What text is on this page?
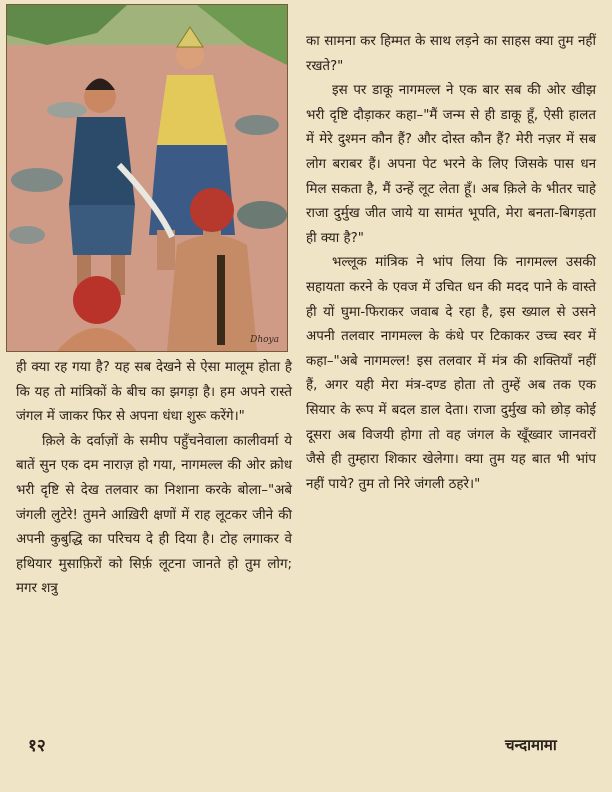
Dhoya

का सामना कर हिम्मत के साथ लड़ने का साहस क्या तुम नहीं रखते?"

इस पर डाकू नागमल्ल ने एक बार सब की ओर खीझ भरी दृष्टि दौड़ाकर कहा–"मैं जन्म से ही डाकू हूँ, ऐसी हालत में मेरे दुश्मन कौन हैं? और दोस्त कौन हैं? मेरी नज़र में सब लोग बराबर हैं। अपना पेट भरने के लिए जिसके पास धन मिल सकता है, मैं उन्हें लूट लेता हूँ। अब क़िले के भीतर चाहे राजा दुर्मुख जीत जाये या सामंत भूपति, मेरा बनता-बिगड़ता ही क्या है?"

भल्लूक मांत्रिक ने भांप लिया कि नागमल्ल उसकी सहायता करने के एवज में उचित धन की मदद पाने के वास्ते ही यों घुमा-फिराकर जवाब दे रहा है, इस ख्याल से उसने अपनी तलवार नागमल्ल के कंधे पर टिकाकर उच्च स्वर में कहा–"अबे नागमल्ल! इस तलवार में मंत्र की शक्तियाँ नहीं हैं, अगर यही मेरा मंत्र-दण्ड होता तो तुम्हें अब तक एक सियार के रूप में बदल डाल देता। राजा दुर्मुख को छोड़ कोई दूसरा अब विजयी होगा तो वह जंगल के खूँख्वार जानवरों जैसे ही तुम्हारा शिकार खेलेगा। क्या तुम यह बात भी भांप नहीं पाये? तुम तो निरे जंगली ठहरे।"

ही क्या रह गया है? यह सब देखने से ऐसा मालूम होता है कि यह तो मांत्रिकों के बीच का झगड़ा है। हम अपने रास्ते जंगल में जाकर फिर से अपना धंधा शुरू करेंगे।"

क़िले के दर्वाज़ों के समीप पहुँचनेवाला कालीवर्मा ये बातें सुन एक दम नाराज़ हो गया, नागमल्ल की ओर क्रोध भरी दृष्टि से देख तलवार का निशाना करके बोला–"अबे जंगली लुटेरे! तुमने आख़िरी क्षणों में राह लूटकर जीने की अपनी कुबुद्धि का परिचय दे ही दिया है। टोह लगाकर वे हथियार मुसाफ़िरों को सिर्फ़ लूटना जानते हो तुम लोग; मगर शत्रु

१२	चन्दामामा
